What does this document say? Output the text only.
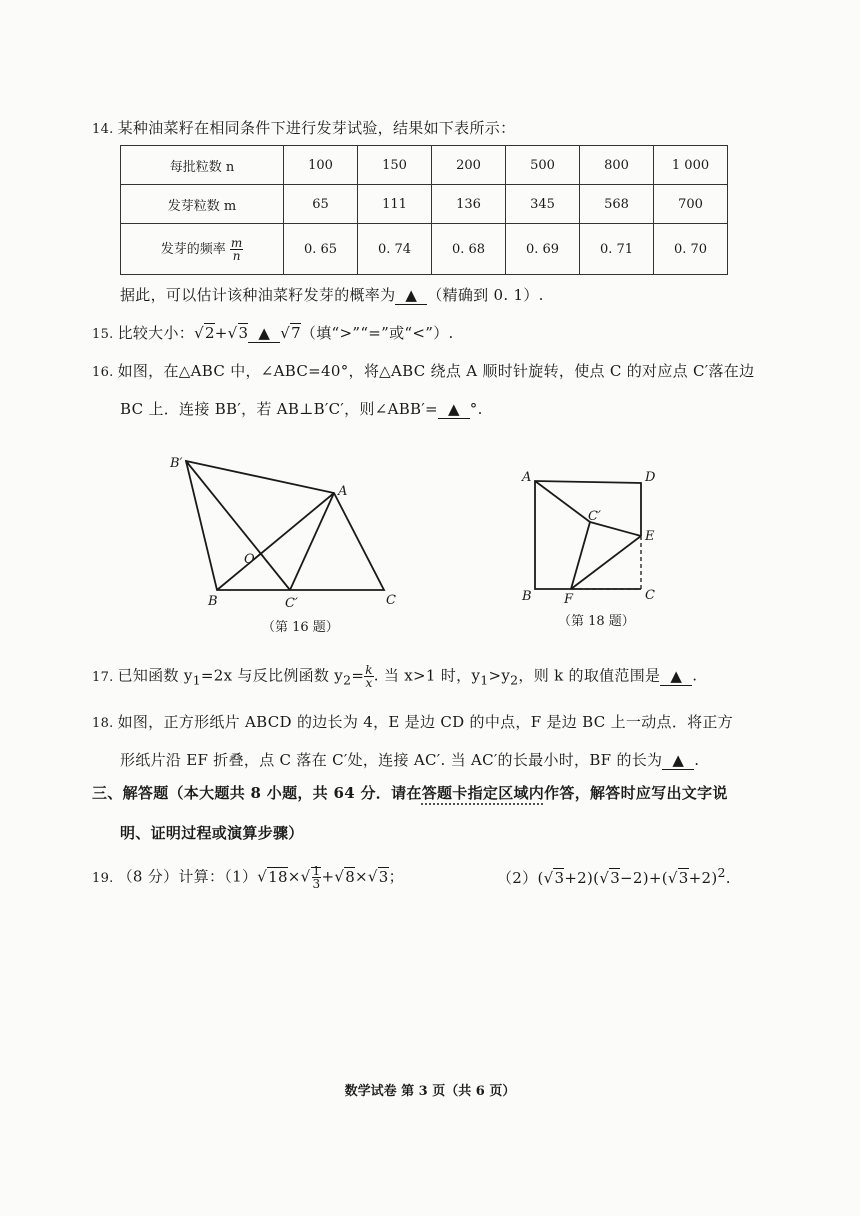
14. 某种油菜籽在相同条件下进行发芽试验，结果如下表所示：
每批粒数 n	100	150	200	500	800	1 000
发芽粒数 m	65	111	136	345	568	700
发芽的频率 $\frac{m}{n}$	0. 65	0. 74	0. 68	0. 69	0. 71	0. 70
据此，可以估计该种油菜籽发芽的概率为 ▲ （精确到 0. 1）.
15. 比较大小：√2+√3 ▲ √7（填“>”“=”或“<”）.
16. 如图，在△ABC 中，∠ABC=40°，将△ABC 绕点 A 顺时针旋转，使点 C 的对应点 C′落在边
BC 上．连接 BB′，若 AB⊥B′C′，则∠ABB′= ▲ °.
B′
A
O
B	C′	C
（第 16 题）
A	D
C′
E
B F	C
（第 18 题）
17. 已知函数 $y_1=2x$ 与反比例函数 $y_2= \frac{k}{x}$ . 当 x>1 时，$y_1>y_2$，则 k 的取值范围是 ▲ .
18. 如图，正方形纸片 ABCD 的边长为 4，E 是边 CD 的中点，F 是边 BC 上一动点．将正方
形纸片沿 EF 折叠，点 C 落在 C′处，连接 AC′. 当 AC′的长最小时，BF 的长为 ▲ .
三、解答题（本大题共 8 小题，共 64 分．请在答题卡指定区域内作答，解答时应写出文字说
明、证明过程或演算步骤）
19. （8 分）计算：$(1)√18\times√ \frac{1}{3} +√8\times√3$；	$(2)(√3+2)(√3-2)+(√3+2)^2$.
数学试卷 第 3 页（共 6 页）
